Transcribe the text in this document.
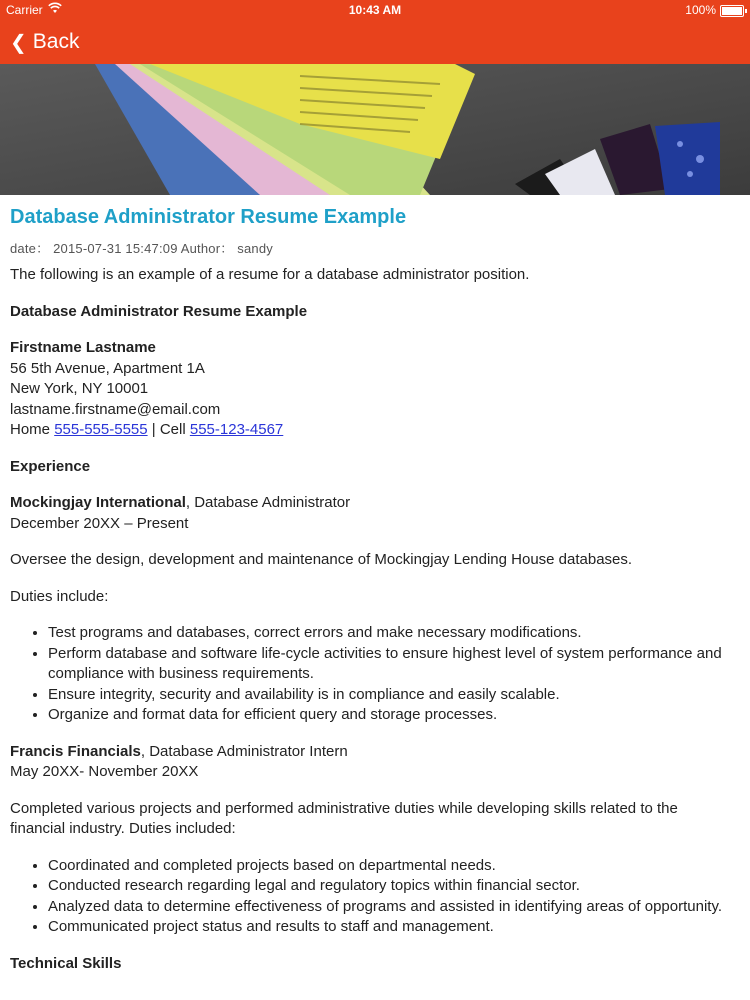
Carrier	10:43 AM	100%
❮ Back
Database Administrator Resume Example
date： 2015-07-31 15:47:09 Author： sandy

The following is an example of a resume for a database administrator position.

Database Administrator Resume Example

Firstname Lastname

56 5th Avenue, Apartment 1A

New York, NY 10001

lastname.firstname@email.com

Home 555-555-5555 | Cell 555-123-4567

Experience

Mockingjay International, Database Administrator

December 20XX – Present

Oversee the design, development and maintenance of Mockingjay Lending House databases.

Duties include:

• Test programs and databases, correct errors and make necessary modifications.
• Perform database and software life-cycle activities to ensure highest level of system performance and compliance with business requirements.
• Ensure integrity, security and availability is in compliance and easily scalable.
• Organize and format data for efficient query and storage processes.

Francis Financials, Database Administrator Intern

May 20XX- November 20XX

Completed various projects and performed administrative duties while developing skills related to the financial industry. Duties included:

• Coordinated and completed projects based on departmental needs.
• Conducted research regarding legal and regulatory topics within financial sector.
• Analyzed data to determine effectiveness of programs and assisted in identifying areas of opportunity.
• Communicated project status and results to staff and management.

Technical Skills
